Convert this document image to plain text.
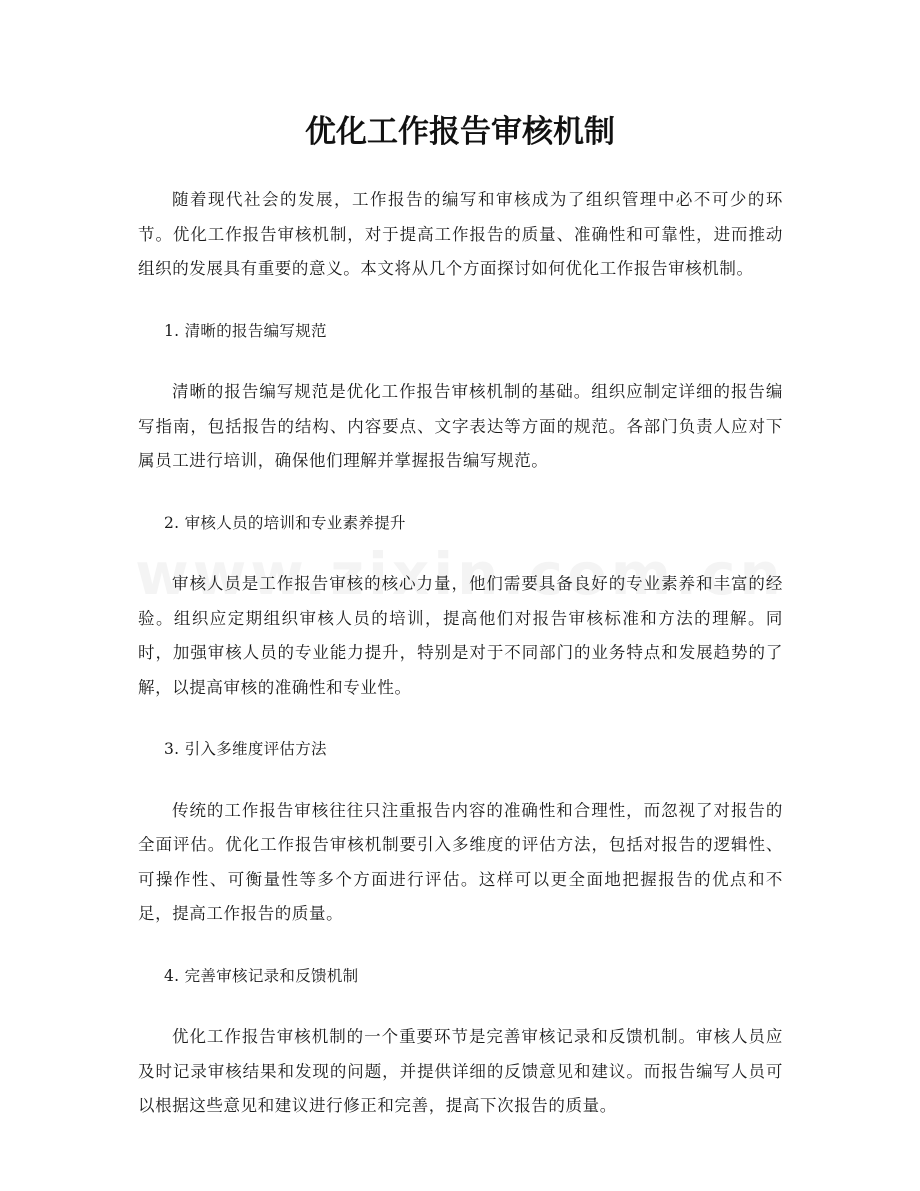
优化工作报告审核机制

随着现代社会的发展，工作报告的编写和审核成为了组织管理中必不可少的环节。优化工作报告审核机制，对于提高工作报告的质量、准确性和可靠性，进而推动组织的发展具有重要的意义。本文将从几个方面探讨如何优化工作报告审核机制。

1. 清晰的报告编写规范

清晰的报告编写规范是优化工作报告审核机制的基础。组织应制定详细的报告编写指南，包括报告的结构、内容要点、文字表达等方面的规范。各部门负责人应对下属员工进行培训，确保他们理解并掌握报告编写规范。

2. 审核人员的培训和专业素养提升

审核人员是工作报告审核的核心力量，他们需要具备良好的专业素养和丰富的经验。组织应定期组织审核人员的培训，提高他们对报告审核标准和方法的理解。同时，加强审核人员的专业能力提升，特别是对于不同部门的业务特点和发展趋势的了解，以提高审核的准确性和专业性。

3. 引入多维度评估方法

传统的工作报告审核往往只注重报告内容的准确性和合理性，而忽视了对报告的全面评估。优化工作报告审核机制要引入多维度的评估方法，包括对报告的逻辑性、可操作性、可衡量性等多个方面进行评估。这样可以更全面地把握报告的优点和不足，提高工作报告的质量。

4. 完善审核记录和反馈机制

优化工作报告审核机制的一个重要环节是完善审核记录和反馈机制。审核人员应及时记录审核结果和发现的问题，并提供详细的反馈意见和建议。而报告编写人员可以根据这些意见和建议进行修正和完善，提高下次报告的质量。
